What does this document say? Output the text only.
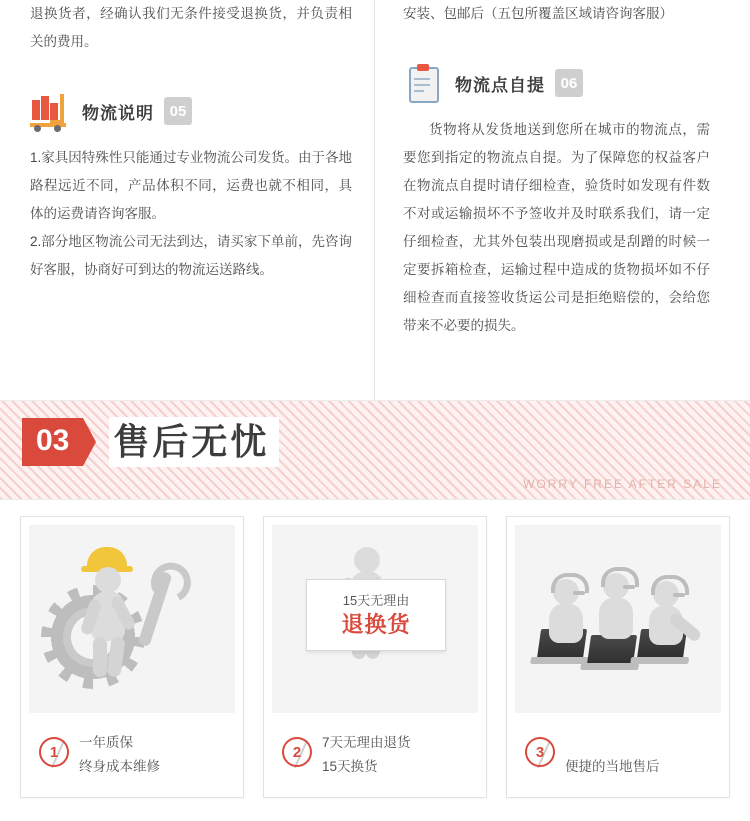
退换货者，经确认我们无条件接受退换货，并负责相关的费用。

物流说明	05

1.家具因特殊性只能通过专业物流公司发货。由于各地路程远近不同，产品体积不同，运费也就不相同，具体的运费请咨询客服。

2.部分地区物流公司无法到达，请买家下单前，先咨询好客服，协商好可到达的物流运送路线。

安装、包邮后（五包所覆盖区域请咨询客服）

物流点自提	06

货物将从发货地送到您所在城市的物流点，需要您到指定的物流点自提。为了保障您的权益客户在物流点自提时请仔细检查，验货时如发现有件数不对或运输损坏不予签收并及时联系我们，请一定仔细检查，尤其外包装出现磨损或是刮蹭的时候一定要拆箱检查，运输过程中造成的货物损坏如不仔细检查而直接签收货运公司是拒绝赔偿的，会给您带来不必要的损失。

03	售后无忧
WORRY FREE AFTER SALE
1
一年质保
终身成本维修
15天无理由
退换货
2
7天无理由退货
15天换货
3
便捷的当地售后
